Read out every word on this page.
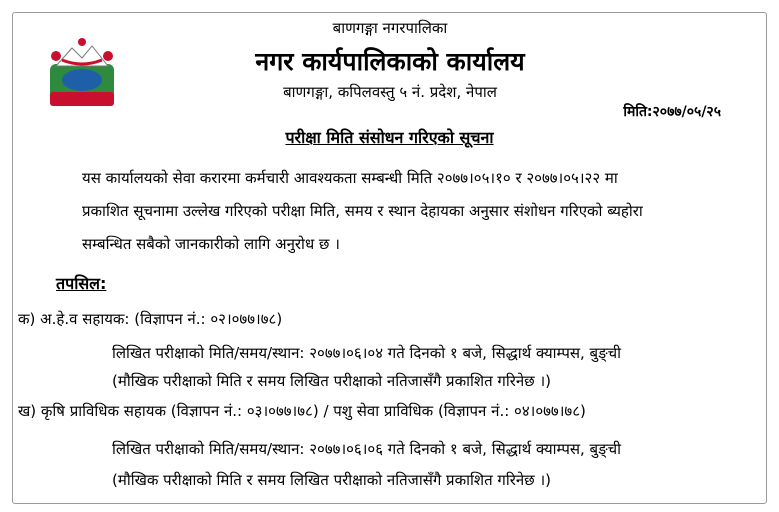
बाणगङ्गा नगरपालिका
नगर कार्यपालिकाको कार्यालय
बाणगङ्गा, कपिलवस्तु ५ नं. प्रदेश, नेपाल
मिति:२०७७/०५/२५
परीक्षा मिति संसोधन गरिएको सूचना
यस कार्यालयको सेवा करारमा कर्मचारी आवश्यकता सम्बन्धी मिति २०७७।०५।१० र २०७७।०५।२२ मा
प्रकाशित सूचनामा उल्लेख गरिएको परीक्षा मिति, समय र स्थान देहायका अनुसार संशोधन गरिएको ब्यहोरा
सम्बन्धित सबैको जानकारीको लागि अनुरोध छ ।
तपसिल:
क) अ.हे.व सहायक: (विज्ञापन नं.: ०२।०७७।७८)
लिखित परीक्षाको मिति/समय/स्थान: २०७७।०६।०४ गते दिनको १ बजे, सिद्धार्थ क्याम्पस, बुङ्ची
(मौखिक परीक्षाको मिति र समय लिखित परीक्षाको नतिजासँगै प्रकाशित गरिनेछ ।)
ख) कृषि प्राविधिक सहायक (विज्ञापन नं.: ०३।०७७।७८) / पशु सेवा प्राविधिक (विज्ञापन नं.: ०४।०७७।७८)
लिखित परीक्षाको मिति/समय/स्थान: २०७७।०६।०६ गते दिनको १ बजे, सिद्धार्थ क्याम्पस, बुङ्ची
(मौखिक परीक्षाको मिति र समय लिखित परीक्षाको नतिजासँगै प्रकाशित गरिनेछ ।)
